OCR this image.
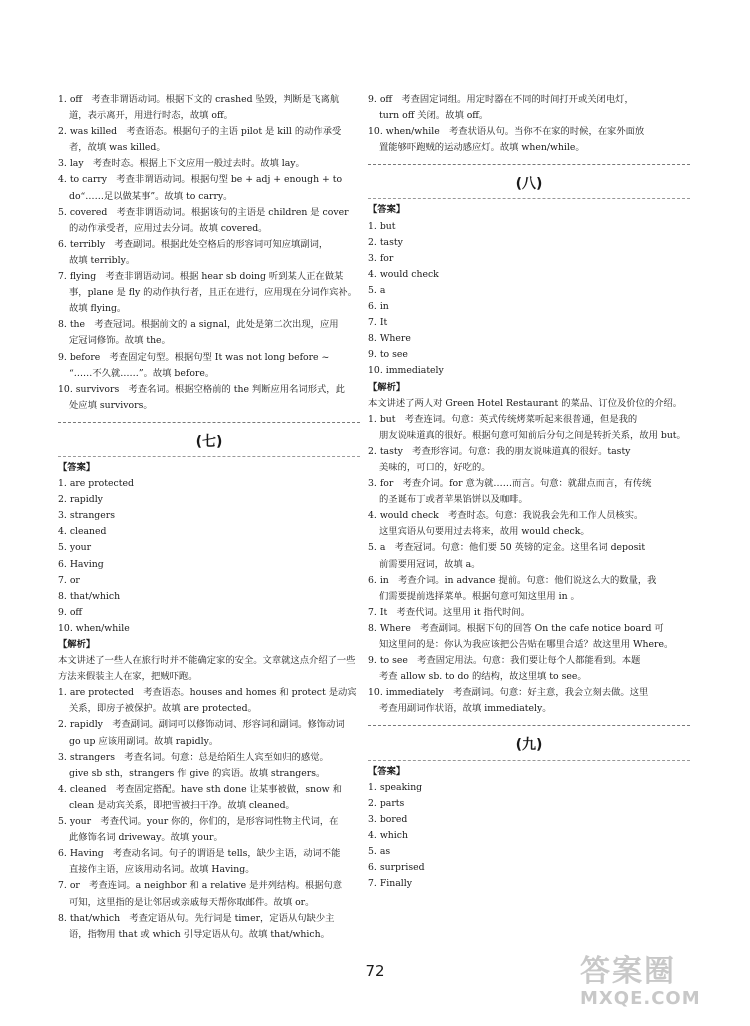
1. off　考查非谓语动词。根据下文的 crashed 坠毁，判断是飞离航
道，表示离开，用进行时态，故填 off。

2. was killed　考查语态。根据句子的主语 pilot 是 kill 的动作承受
者，故填 was killed。

3. lay　考查时态。根据上下文应用一般过去时。故填 lay。

4. to carry　考查非谓语动词。根据句型 be + adj + enough + to
do“……足以做某事”。故填 to carry。

5. covered　考查非谓语动词。根据该句的主语是 children 是 cover
的动作承受者，应用过去分词。故填 covered。

6. terribly　考查副词。根据此处空格后的形容词可知应填副词，
故填 terribly。

7. flying　考查非谓语动词。根据 hear sb doing 听到某人正在做某
事，plane 是 fly 的动作执行者，且正在进行，应用现在分词作宾补。故填 flying。

8. the　考查冠词。根据前文的 a signal，此处是第二次出现，应用
定冠词修饰。故填 the。

9. before　考查固定句型。根据句型 It was not long before ~
“……不久就……”。故填 before。

10. survivors　考查名词。根据空格前的 the 判断应用名词形式，此
处应填 survivors。

(七)

【答案】

1. are protected

2. rapidly

3. strangers

4. cleaned

5. your

6. Having

7. or

8. that/which

9. off

10. when/while

【解析】

本文讲述了一些人在旅行时并不能确定家的安全。文章就这点介绍了一些方法来假装主人在家，把贼吓跑。

1. are protected　考查语态。houses and homes 和 protect 是动宾
关系，即房子被保护。故填 are protected。

2. rapidly　考查副词。副词可以修饰动词、形容词和副词。修饰动词
go up 应该用副词。故填 rapidly。

3. strangers　考查名词。句意：总是给陌生人宾至如归的感觉。
give sb sth，strangers 作 give 的宾语。故填 strangers。

4. cleaned　考查固定搭配。have sth done 让某事被做，snow 和
clean 是动宾关系，即把雪被扫干净。故填 cleaned。

5. your　考查代词。your 你的，你们的，是形容词性物主代词，在
此修饰名词 driveway。故填 your。

6. Having　考查动名词。句子的谓语是 tells，缺少主语，动词不能
直接作主语，应该用动名词。故填 Having。

7. or　考查连词。a neighbor 和 a relative 是并列结构。根据句意
可知，这里指的是让邻居或亲戚每天帮你取邮件。故填 or。

8. that/which　考查定语从句。先行词是 timer，定语从句缺少主
语，指物用 that 或 which 引导定语从句。故填 that/which。

9. off　考查固定词组。用定时器在不同的时间打开或关闭电灯，
turn off 关闭。故填 off。

10. when/while　考查状语从句。当你不在家的时候，在家外面放
置能够吓跑贼的运动感应灯。故填 when/while。

(八)

【答案】

1. but

2. tasty

3. for

4. would check

5. a

6. in

7. It

8. Where

9. to see

10. immediately

【解析】

本文讲述了两人对 Green Hotel Restaurant 的菜品、订位及价位的介绍。

1. but　考查连词。句意：英式传统烤菜听起来很普通，但是我的
朋友说味道真的很好。根据句意可知前后分句之间是转折关系，故用 but。

2. tasty　考查形容词。句意：我的朋友说味道真的很好。tasty
美味的，可口的，好吃的。

3. for　考查介词。for 意为就……而言。句意：就甜点而言，有传统
的圣诞布丁或者苹果馅饼以及咖啡。

4. would check　考查时态。句意：我说我会先和工作人员核实。
这里宾语从句要用过去将来，故用 would check。

5. a　考查冠词。句意：他们要 50 英镑的定金。这里名词 deposit
前需要用冠词，故填 a。

6. in　考查介词。in advance 提前。句意：他们说这么大的数量，我
们需要提前选择菜单。根据句意可知这里用 in 。

7. It　考查代词。这里用 it 指代时间。

8. Where　考查副词。根据下句的回答 On the cafe notice board 可
知这里问的是：你认为我应该把公告贴在哪里合适？故这里用 Where。

9. to see　考查固定用法。句意：我们要让每个人都能看到。本题
考查 allow sb. to do 的结构，故这里填 to see。

10. immediately　考查副词。句意：好主意，我会立刻去做。这里
考查用副词作状语，故填 immediately。

(九)

【答案】

1. speaking

2. parts

3. bored

4. which

5. as

6. surprised

7. Finally

72	答案圈
MXQE.COM
